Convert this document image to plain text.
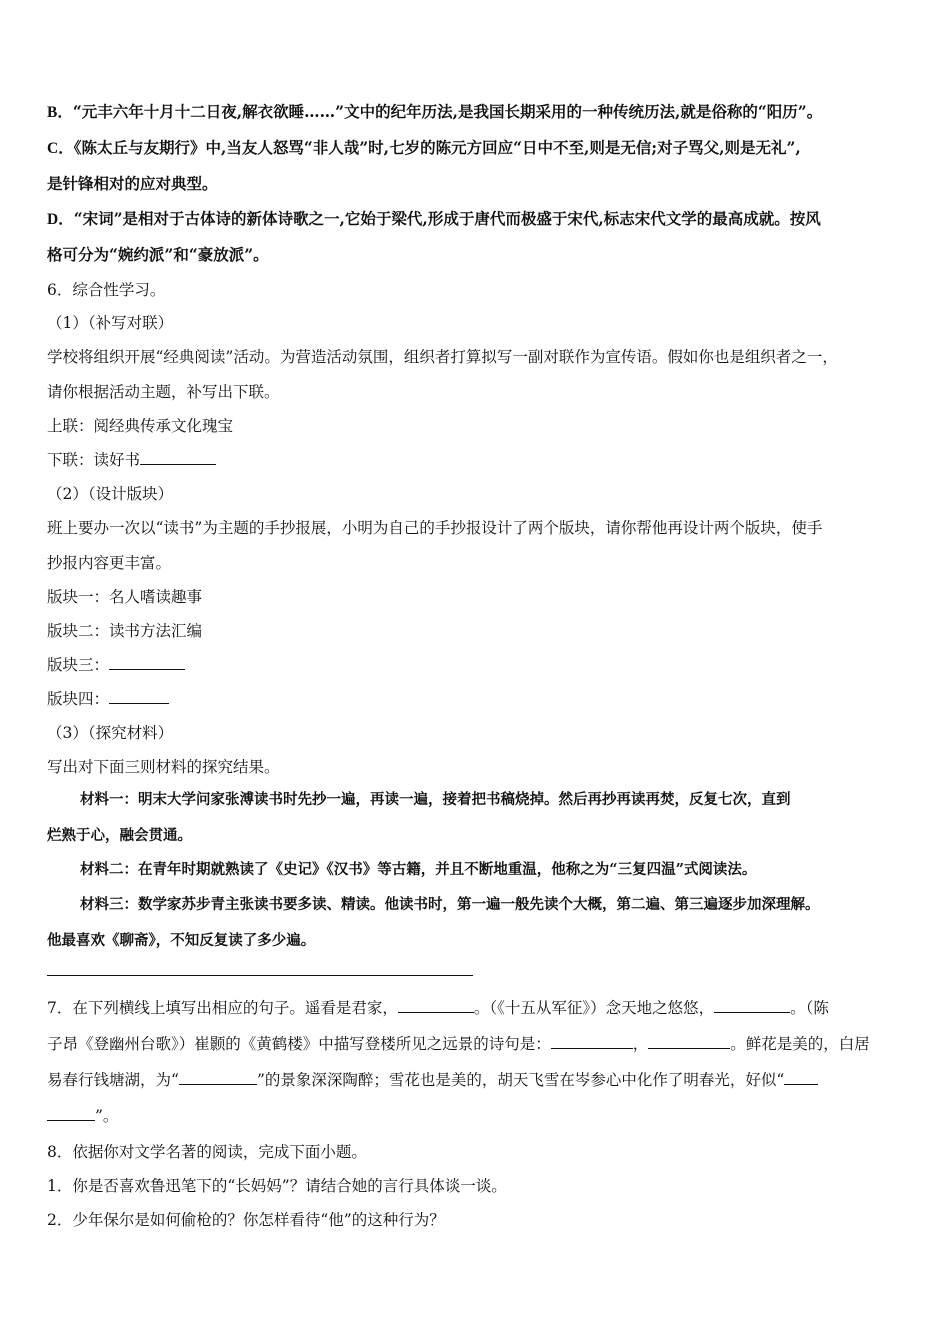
B．“元丰六年十月十二日夜,解衣欲睡……”文中的纪年历法,是我国长期采用的一种传统历法,就是俗称的“阳历”。
C．《陈太丘与友期行》中,当友人怒骂“非人哉”时,七岁的陈元方回应“日中不至,则是无信;对子骂父,则是无礼”,
是针锋相对的应对典型。
D．“宋词”是相对于古体诗的新体诗歌之一,它始于梁代,形成于唐代而极盛于宋代,标志宋代文学的最高成就。按风
格可分为“婉约派”和“豪放派”。
6．综合性学习。
（1）（补写对联）
学校将组织开展“经典阅读”活动。为营造活动氛围，组织者打算拟写一副对联作为宣传语。假如你也是组织者之一，
请你根据活动主题，补写出下联。
上联：阅经典传承文化瑰宝
下联：读好书
（2）（设计版块）
班上要办一次以“读书”为主题的手抄报展，小明为自己的手抄报设计了两个版块，请你帮他再设计两个版块，使手
抄报内容更丰富。
版块一：名人嗜读趣事
版块二：读书方法汇编
版块三：
版块四：
（3）（探究材料）
写出对下面三则材料的探究结果。
材料一：明末大学问家张溥读书时先抄一遍，再读一遍，接着把书稿烧掉。然后再抄再读再焚，反复七次，直到
烂熟于心，融会贯通。
材料二：在青年时期就熟读了《史记》《汉书》等古籍，并且不断地重温，他称之为“三复四温”式阅读法。
材料三：数学家苏步青主张读书要多读、精读。他读书时，第一遍一般先读个大概，第二遍、第三遍逐步加深理解。
他最喜欢《聊斋》，不知反复读了多少遍。
7．在下列横线上填写出相应的句子。遥看是君家，	。（《十五从军征》）念天地之悠悠，	。（陈
子昂《登幽州台歌》）崔颢的《黄鹤楼》中描写登楼所见之远景的诗句是：	，	。鲜花是美的，白居
易春行钱塘湖，为“	”的景象深深陶醉；雪花也是美的，胡天飞雪在岑参心中化作了明春光，好似“
”。
8．依据你对文学名著的阅读，完成下面小题。
1．你是否喜欢鲁迅笔下的“长妈妈”？请结合她的言行具体谈一谈。
2．少年保尔是如何偷枪的？你怎样看待“他”的这种行为？
